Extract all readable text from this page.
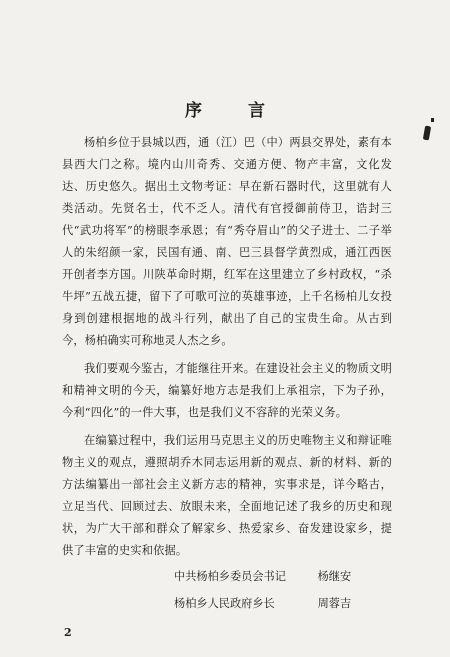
序 言

杨柏乡位于县城以西，通（江）巴（中）两县交界处，素有本县西大门之称。境内山川奇秀、交通方便、物产丰富，文化发达、历史悠久。据出土文物考证：早在新石器时代，这里就有人类活动。先贤名士，代不乏人。清代有官授御前侍卫，诰封三代“武功将军”的榜眼李承恩；有“秀夺眉山”的父子进士、二子举人的朱绍颜一家，民国有通、南、巴三县督学黄烈成，通江西医开创者李方国。川陕革命时期，红军在这里建立了乡村政权，“杀牛坪”五战五捷，留下了可歌可泣的英雄事迹，上千名杨柏儿女投身到创建根据地的战斗行列，献出了自己的宝贵生命。从古到今，杨柏确实可称地灵人杰之乡。

我们要观今鉴古，才能继往开来。在建设社会主义的物质文明和精神文明的今天，编纂好地方志是我们上承祖宗，下为子孙，今利“四化”的一件大事，也是我们义不容辞的光荣义务。

在编纂过程中，我们运用马克思主义的历史唯物主义和辩证唯物主义的观点，遵照胡乔木同志运用新的观点、新的材料、新的方法编纂出一部社会主义新方志的精神，实事求是，详今略古，立足当代、回顾过去、放眼未来，全面地记述了我乡的历史和现状，为广大干部和群众了解家乡、热爱家乡、奋发建设家乡，提供了丰富的史实和依据。

中共杨柏乡委员会书记	杨继安
杨柏乡人民政府乡长	周蓉吉
2
